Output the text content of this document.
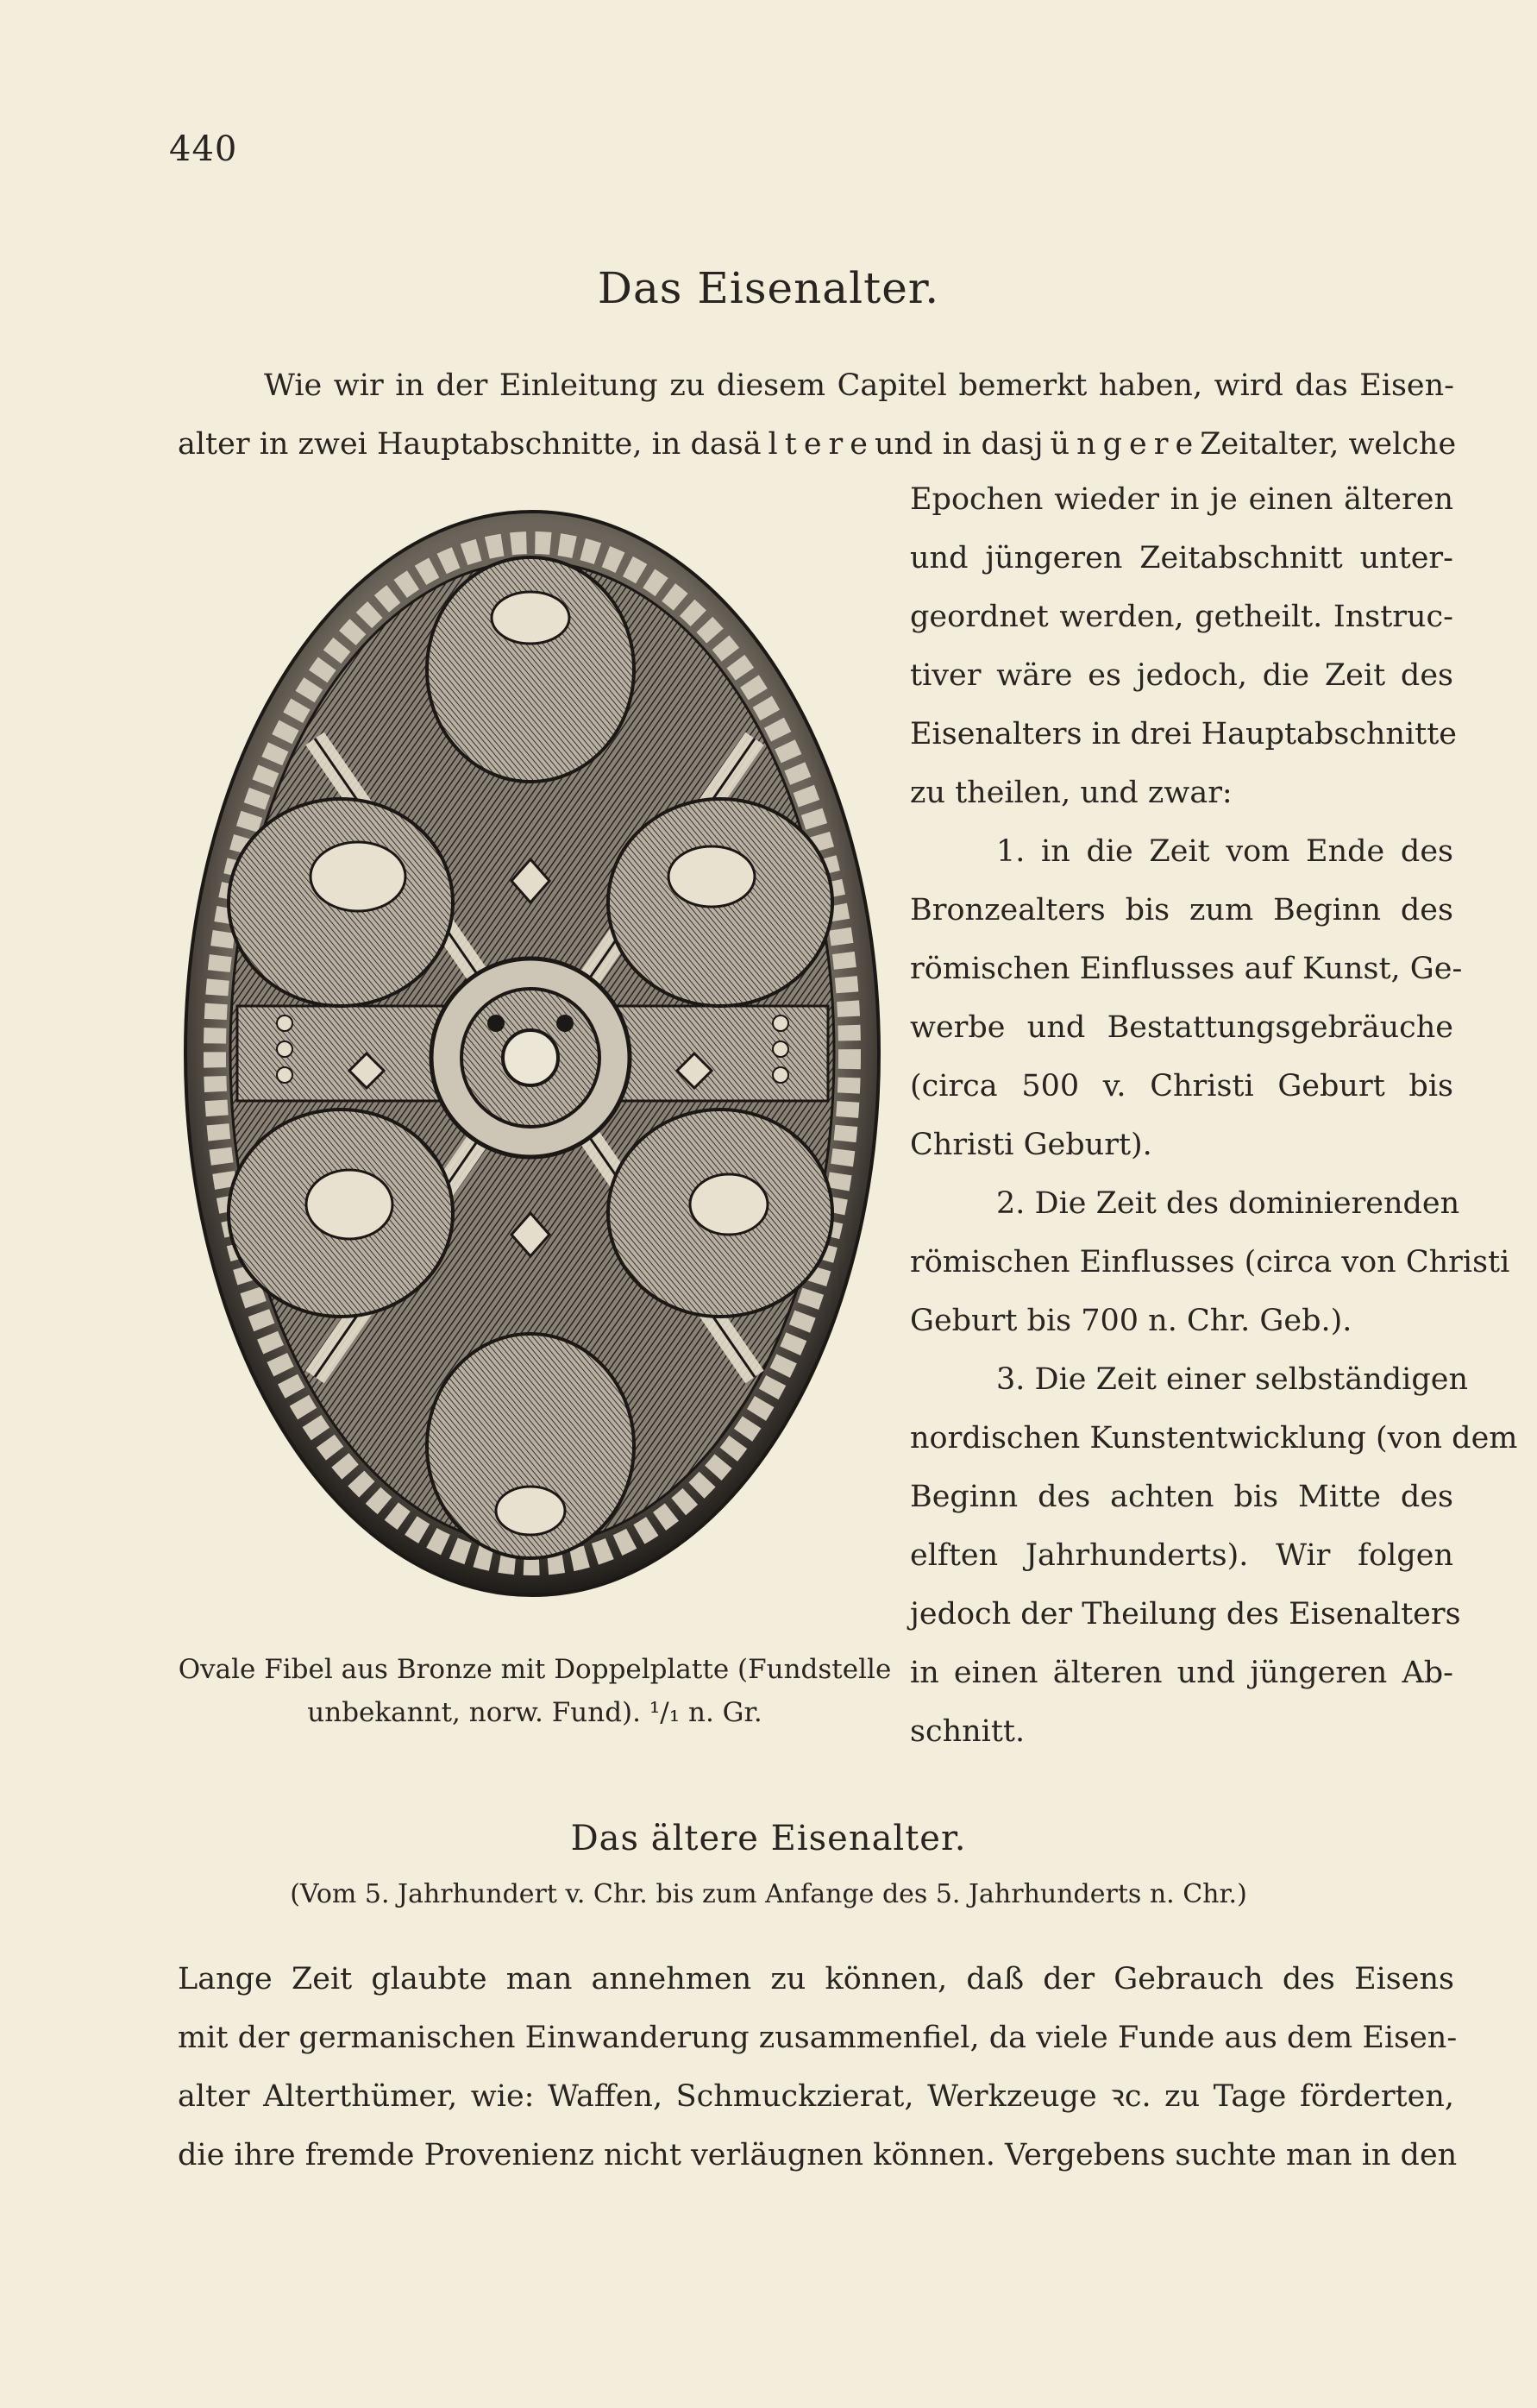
440
Das Eisenalter.
Wie wir in der Einleitung zu diesem Capitel bemerkt haben, wird das Eisen-
alter in zwei Hauptabschnitte, in das ältere und in das jüngere Zeitalter, welche
Ovale Fibel aus Bronze mit Doppelplatte (Fundstelle
unbekannt, norw. Fund). ¹/₁ n. Gr.
Epochen wieder in je einen älteren
und jüngeren Zeitabschnitt unter-
geordnet werden, getheilt. Instruc-
tiver wäre es jedoch, die Zeit des
Eisenalters in drei Hauptabschnitte
zu theilen, und zwar:
1. in die Zeit vom Ende des
Bronzealters bis zum Beginn des
römischen Einflusses auf Kunst, Ge-
werbe und Bestattungsgebräuche
(circa 500 v. Christi Geburt bis
Christi Geburt).
2. Die Zeit des dominierenden
römischen Einflusses (circa von Christi
Geburt bis 700 n. Chr. Geb.).
3. Die Zeit einer selbständigen
nordischen Kunstentwicklung (von dem
Beginn des achten bis Mitte des
elften Jahrhunderts). Wir folgen
jedoch der Theilung des Eisenalters
in einen älteren und jüngeren Ab-
schnitt.
Das ältere Eisenalter.
(Vom 5. Jahrhundert v. Chr. bis zum Anfange des 5. Jahrhunderts n. Chr.)
Lange Zeit glaubte man annehmen zu können, daß der Gebrauch des Eisens
mit der germanischen Einwanderung zusammenfiel, da viele Funde aus dem Eisen-
alter Alterthümer, wie: Waffen, Schmuckzierat, Werkzeuge ꝛc. zu Tage förderten,
die ihre fremde Provenienz nicht verläugnen können. Vergebens suchte man in den
